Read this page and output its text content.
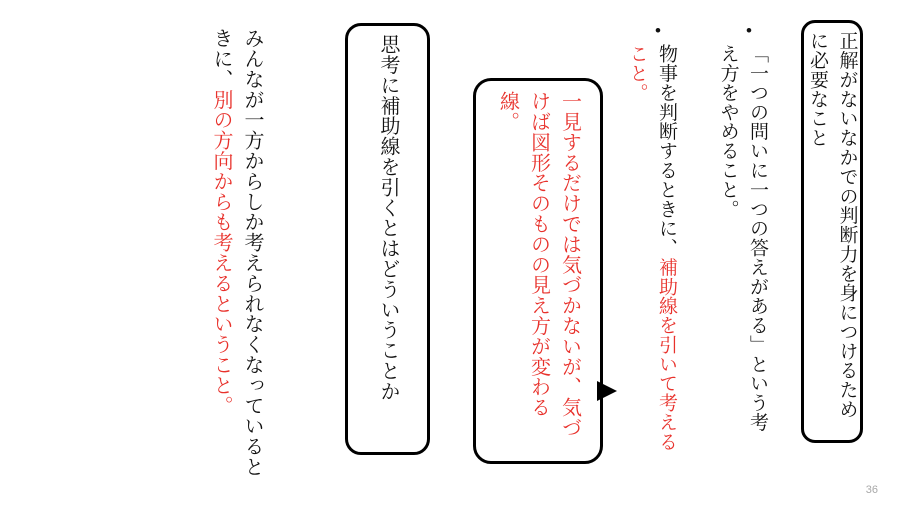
正解がないなかでの判断力を身につけるために必要なこと
•
「一つの問いに一つの答えがある」という考え方をやめること。
•
物事を判断するときに、補助線を引いて考えること。
一見するだけでは気づかないが、気づけば図形そのものの見え方が変わる線。
思考に補助線を引くとはどういうことか
みんなが一方からしか考えられなくなっているときに、別の方向からも考えるということ。
36
